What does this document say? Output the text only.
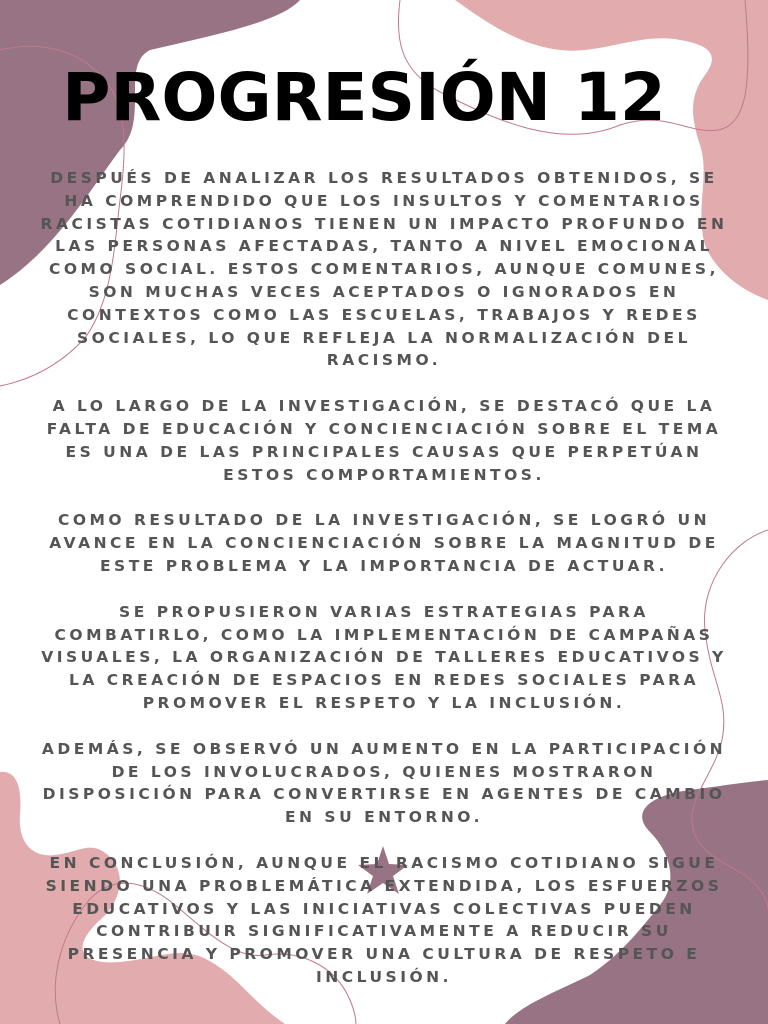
PROGRESIÓN 12

DESPUÉS DE ANALIZAR LOS RESULTADOS OBTENIDOS, SE HA COMPRENDIDO QUE LOS INSULTOS Y COMENTARIOS RACISTAS COTIDIANOS TIENEN UN IMPACTO PROFUNDO EN LAS PERSONAS AFECTADAS, TANTO A NIVEL EMOCIONAL COMO SOCIAL. ESTOS COMENTARIOS, AUNQUE COMUNES, SON MUCHAS VECES ACEPTADOS O IGNORADOS EN CONTEXTOS COMO LAS ESCUELAS, TRABAJOS Y REDES SOCIALES, LO QUE REFLEJA LA NORMALIZACIÓN DEL RACISMO.

A LO LARGO DE LA INVESTIGACIÓN, SE DESTACÓ QUE LA FALTA DE EDUCACIÓN Y CONCIENCIACIÓN SOBRE EL TEMA ES UNA DE LAS PRINCIPALES CAUSAS QUE PERPETÚAN ESTOS COMPORTAMIENTOS.

COMO RESULTADO DE LA INVESTIGACIÓN, SE LOGRÓ UN AVANCE EN LA CONCIENCIACIÓN SOBRE LA MAGNITUD DE ESTE PROBLEMA Y LA IMPORTANCIA DE ACTUAR.

SE PROPUSIERON VARIAS ESTRATEGIAS PARA COMBATIRLO, COMO LA IMPLEMENTACIÓN DE CAMPAÑAS VISUALES, LA ORGANIZACIÓN DE TALLERES EDUCATIVOS Y LA CREACIÓN DE ESPACIOS EN REDES SOCIALES PARA PROMOVER EL RESPETO Y LA INCLUSIÓN.

ADEMÁS, SE OBSERVÓ UN AUMENTO EN LA PARTICIPACIÓN DE LOS INVOLUCRADOS, QUIENES MOSTRARON DISPOSICIÓN PARA CONVERTIRSE EN AGENTES DE CAMBIO EN SU ENTORNO.

EN CONCLUSIÓN, AUNQUE EL RACISMO COTIDIANO SIGUE SIENDO UNA PROBLEMÁTICA EXTENDIDA, LOS ESFUERZOS EDUCATIVOS Y LAS INICIATIVAS COLECTIVAS PUEDEN CONTRIBUIR SIGNIFICATIVAMENTE A REDUCIR SU PRESENCIA Y PROMOVER UNA CULTURA DE RESPETO E INCLUSIÓN.
